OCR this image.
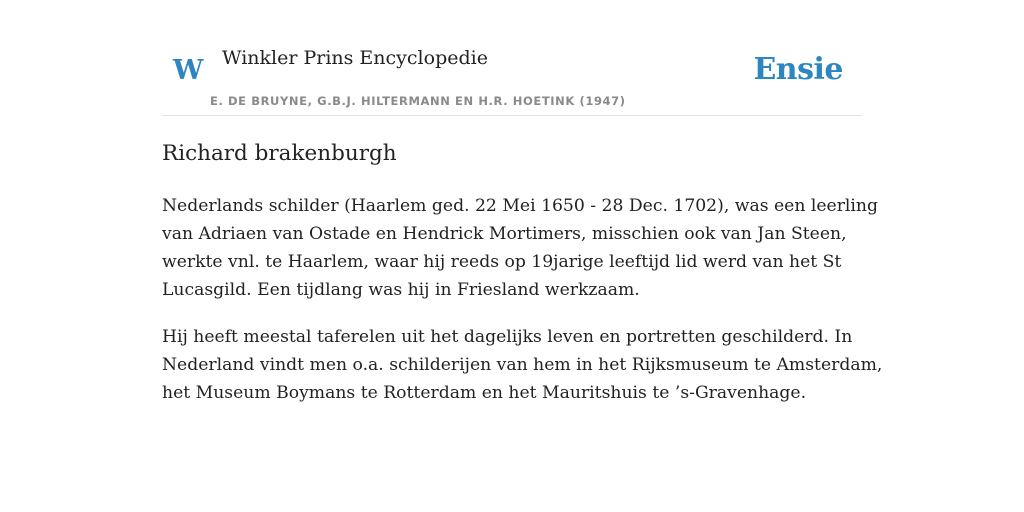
W Winkler Prins Encyclopedie
E. DE BRUYNE, G.B.J. HILTERMANN EN H.R. HOETINK (1947)
Ensie
Richard brakenburgh

Nederlands schilder (Haarlem ged. 22 Mei 1650 - 28 Dec. 1702), was een leerling
van Adriaen van Ostade en Hendrick Mortimers, misschien ook van Jan Steen,
werkte vnl. te Haarlem, waar hij reeds op 19jarige leeftijd lid werd van het St
Lucasgild. Een tijdlang was hij in Friesland werkzaam.

Hij heeft meestal taferelen uit het dagelijks leven en portretten geschilderd. In
Nederland vindt men o.a. schilderijen van hem in het Rijksmuseum te Amsterdam,
het Museum Boymans te Rotterdam en het Mauritshuis te ’s-Gravenhage.
